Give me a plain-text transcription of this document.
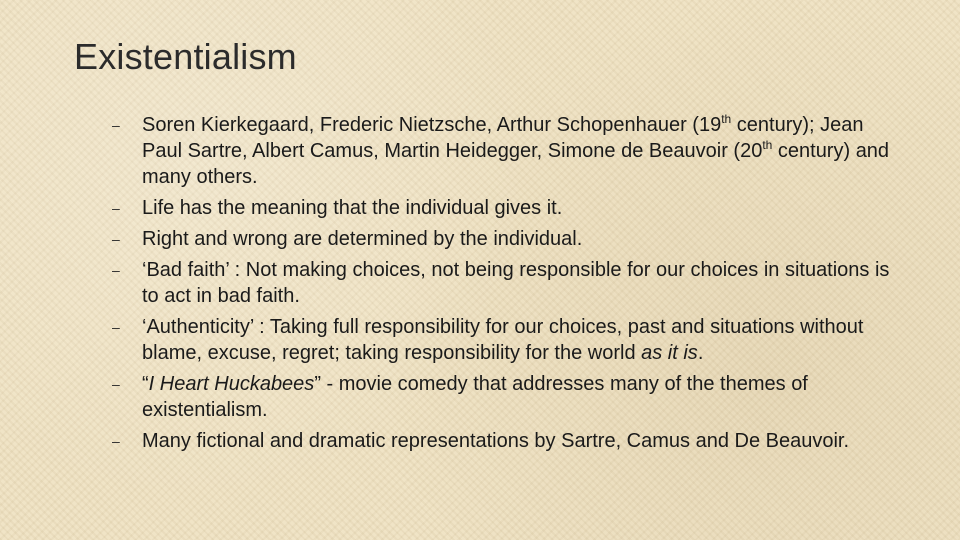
Existentialism
– Soren Kierkegaard, Frederic Nietzsche, Arthur Schopenhauer (19th century); Jean Paul Sartre, Albert Camus, Martin Heidegger, Simone de Beauvoir (20th century) and many others.
– Life has the meaning that the individual gives it.
– Right and wrong are determined by the individual.
– ‘Bad faith’ : Not making choices, not being responsible for our choices in situations is to act in bad faith.
– ‘Authenticity’ : Taking full responsibility for our choices, past and situations without blame, excuse, regret; taking responsibility for the world as it is.
– “I Heart Huckabees” - movie comedy that addresses many of the themes of existentialism.
– Many fictional and dramatic representations by Sartre, Camus and De Beauvoir.
